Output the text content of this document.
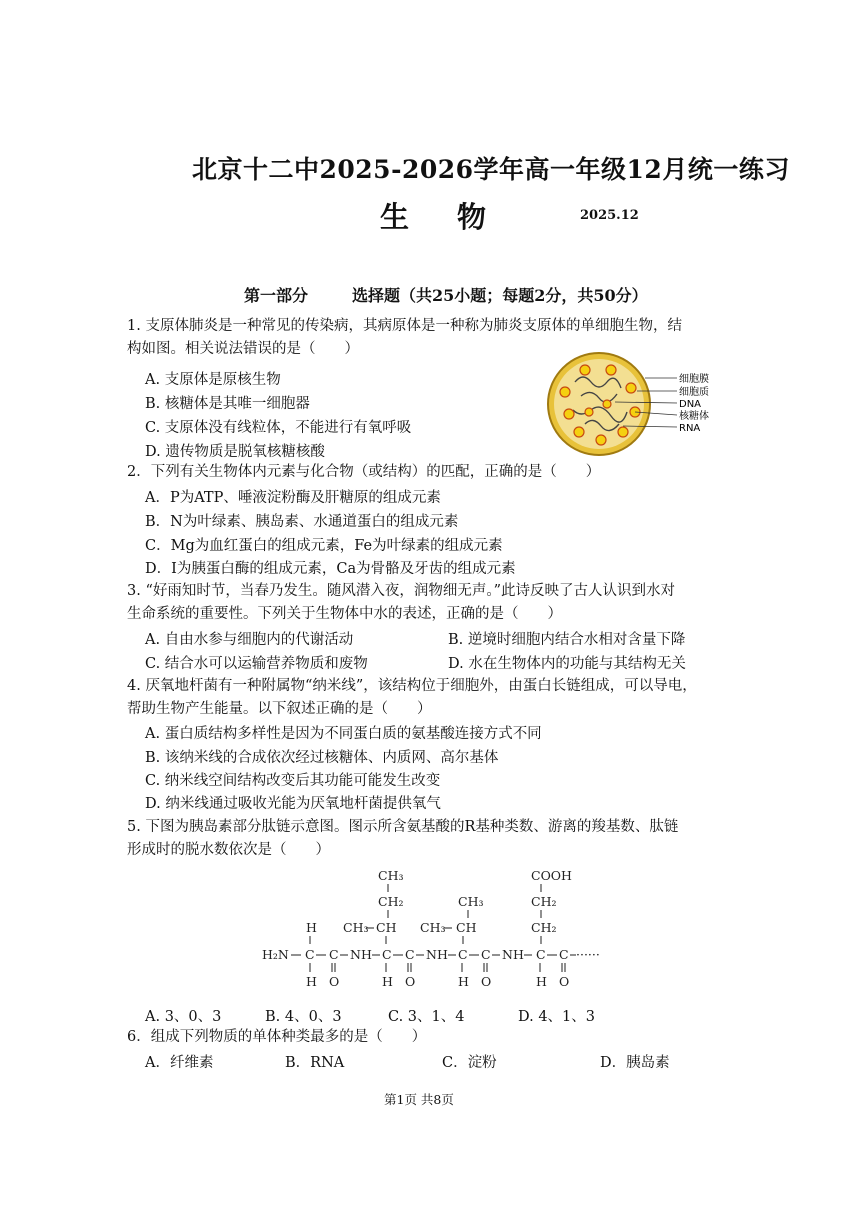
北京十二中2025-2026学年高一年级12月统一练习
生物	2025.12
第一部分	选择题（共25小题；每题2分，共50分）
1. 支原体肺炎是一种常见的传染病，其病原体是一种称为肺炎支原体的单细胞生物，结
构如图。相关说法错误的是（　　）
A. 支原体是原核生物
B. 核糖体是其唯一细胞器
C. 支原体没有线粒体，不能进行有氧呼吸
D. 遗传物质是脱氧核糖核酸
细胞膜
细胞质
DNA
核糖体
RNA
2．下列有关生物体内元素与化合物（或结构）的匹配，正确的是（　　）
A．P为ATP、唾液淀粉酶及肝糖原的组成元素
B．N为叶绿素、胰岛素、水通道蛋白的组成元素
C．Mg为血红蛋白的组成元素，Fe为叶绿素的组成元素
D．I为胰蛋白酶的组成元素，Ca为骨骼及牙齿的组成元素
3. “好雨知时节，当春乃发生。随风潜入夜，润物细无声。”此诗反映了古人认识到水对
生命系统的重要性。下列关于生物体中水的表述，正确的是（　　）
A. 自由水参与细胞内的代谢活动	B. 逆境时细胞内结合水相对含量下降
C. 结合水可以运输营养物质和废物	D. 水在生物体内的功能与其结构无关
4. 厌氧地杆菌有一种附属物“纳米线”，该结构位于细胞外，由蛋白长链组成，可以导电，
帮助生物产生能量。以下叙述正确的是（　　）
A. 蛋白质结构多样性是因为不同蛋白质的氨基酸连接方式不同
B. 该纳米线的合成依次经过核糖体、内质网、高尔基体
C. 纳米线空间结构改变后其功能可能发生改变
D. 纳米线通过吸收光能为厌氧地杆菌提供氧气
5. 下图为胰岛素部分肽链示意图。图示所含氨基酸的R基种类数、游离的羧基数、肽链
形成时的脱水数依次是（　　）
CH₃
CH₂
CH₃ CH
CH₃
CH₃ CH
COOH
CH₂
CH₂
H
H₂N C C NH C C NH C C NH C C ······
H O	H O	H O	H O
A. 3、0、3	B. 4、0、3	C. 3、1、4	D. 4、1、3
6．组成下列物质的单体种类最多的是（　　）
A．纤维素	B．RNA	C．淀粉	D．胰岛素
第1页 共8页
